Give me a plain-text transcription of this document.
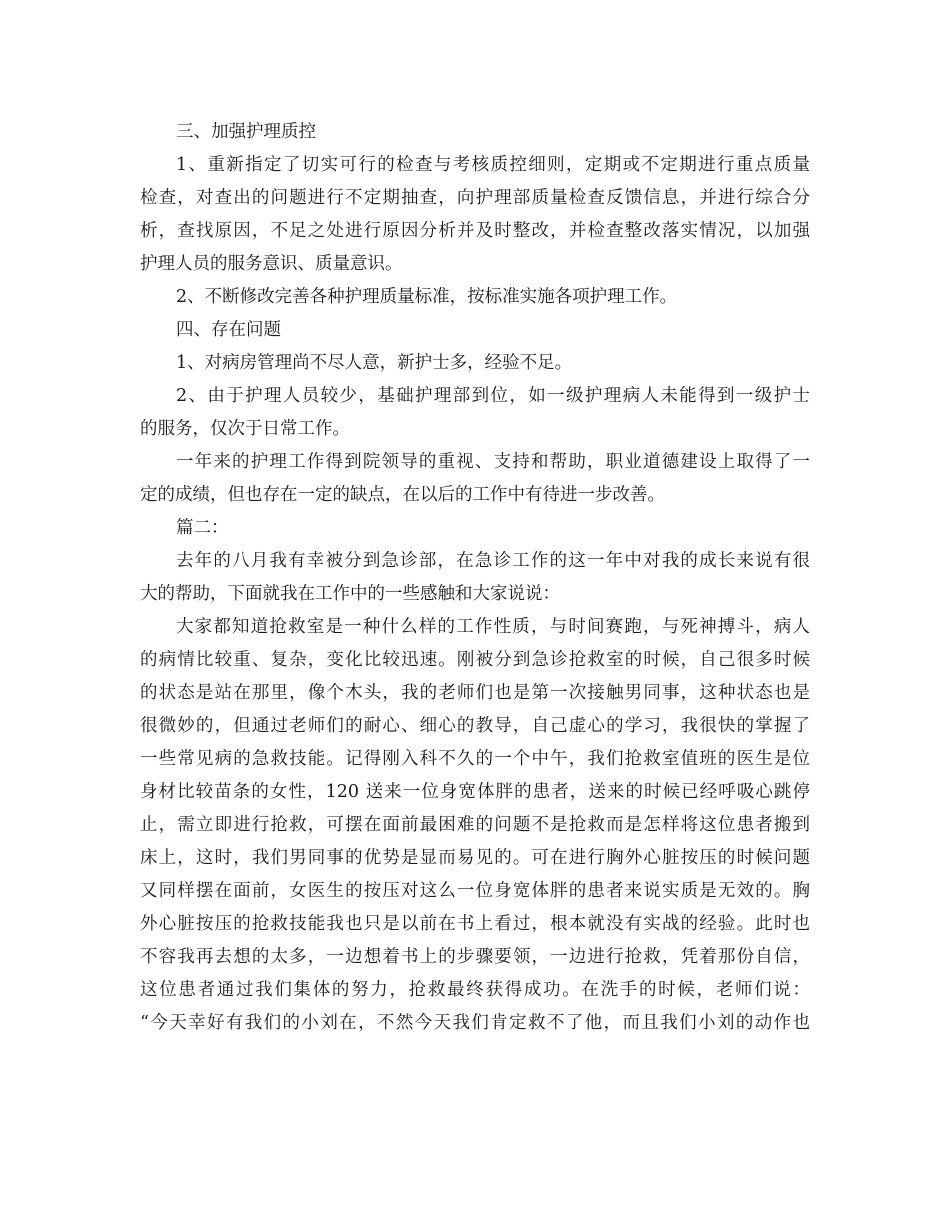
三、加强护理质控
1、重新指定了切实可行的检查与考核质控细则，定期或不定期进行重点质量
检查，对查出的问题进行不定期抽查，向护理部质量检查反馈信息，并进行综合分
析，查找原因，不足之处进行原因分析并及时整改，并检查整改落实情况，以加强
护理人员的服务意识、质量意识。
2、不断修改完善各种护理质量标准，按标准实施各项护理工作。
四、存在问题
1、对病房管理尚不尽人意，新护士多，经验不足。
2、由于护理人员较少，基础护理部到位，如一级护理病人未能得到一级护士
的服务，仅次于日常工作。
一年来的护理工作得到院领导的重视、支持和帮助，职业道德建设上取得了一
定的成绩，但也存在一定的缺点，在以后的工作中有待进一步改善。
篇二：
去年的八月我有幸被分到急诊部，在急诊工作的这一年中对我的成长来说有很
大的帮助，下面就我在工作中的一些感触和大家说说：
大家都知道抢救室是一种什么样的工作性质，与时间赛跑，与死神搏斗，病人
的病情比较重、复杂，变化比较迅速。刚被分到急诊抢救室的时候，自己很多时候
的状态是站在那里，像个木头，我的老师们也是第一次接触男同事，这种状态也是
很微妙的，但通过老师们的耐心、细心的教导，自己虚心的学习，我很快的掌握了
一些常见病的急救技能。记得刚入科不久的一个中午，我们抢救室值班的医生是位
身材比较苗条的女性，120 送来一位身宽体胖的患者，送来的时候已经呼吸心跳停
止，需立即进行抢救，可摆在面前最困难的问题不是抢救而是怎样将这位患者搬到
床上，这时，我们男同事的优势是显而易见的。可在进行胸外心脏按压的时候问题
又同样摆在面前，女医生的按压对这么一位身宽体胖的患者来说实质是无效的。胸
外心脏按压的抢救技能我也只是以前在书上看过，根本就没有实战的经验。此时也
不容我再去想的太多，一边想着书上的步骤要领，一边进行抢救，凭着那份自信，
这位患者通过我们集体的努力，抢救最终获得成功。在洗手的时候，老师们说：
“今天幸好有我们的小刘在，不然今天我们肯定救不了他，而且我们小刘的动作也
